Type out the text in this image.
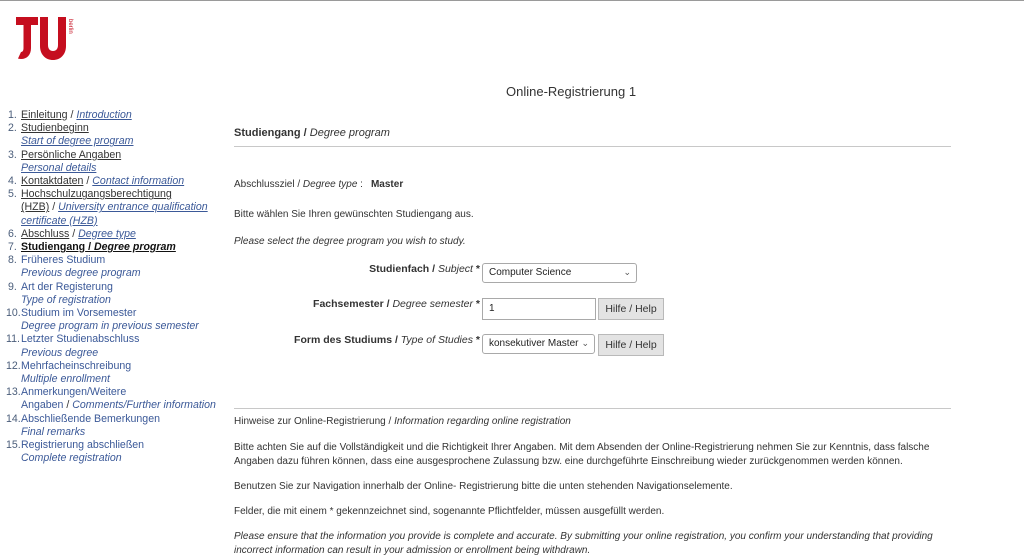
berlin
Online-Registrierung 1
1. Einleitung / Introduction
2. Studienbeginn
Start of degree program
3. Persönliche Angaben
Personal details
4. Kontaktdaten / Contact information
5. Hochschulzugangsberechtigung
(HZB) / University entrance qualification
certificate (HZB)
6. Abschluss / Degree type
7. Studiengang / Degree program
8. Früheres Studium
Previous degree program
9. Art der Registerung
Type of registration
10. Studium im Vorsemester
Degree program in previous semester
11. Letzter Studienabschluss
Previous degree
12. Mehrfacheinschreibung
Multiple enrollment
13. Anmerkungen/Weitere
Angaben / Comments/Further information
14. Abschließende Bemerkungen
Final remarks
15. Registrierung abschließen
Complete registration
Studiengang / Degree program
Abschlussziel / Degree type : Master
Bitte wählen Sie Ihren gewünschten Studiengang aus.
Please select the degree program you wish to study.
Studienfach / Subject * Computer Science	⌄
Fachsemester / Degree semester * 1	Hilfe / Help
Form des Studiums / Type of Studies * konsekutiver Master ⌄	Hilfe / Help
Hinweise zur Online-Registrierung / Information regarding online registration
Bitte achten Sie auf die Vollständigkeit und die Richtigkeit Ihrer Angaben. Mit dem Absenden der Online-Registrierung nehmen Sie zur Kenntnis, dass falsche Angaben dazu führen können, dass eine ausgesprochene Zulassung bzw. eine durchgeführte Einschreibung wieder zurückgenommen werden können.
Benutzen Sie zur Navigation innerhalb der Online- Registrierung bitte die unten stehenden Navigationselemente.
Felder, die mit einem * gekennzeichnet sind, sogenannte Pflichtfelder, müssen ausgefüllt werden.
Please ensure that the information you provide is complete and accurate. By submitting your online registration, you confirm your understanding that providing incorrect information can result in your admission or enrollment being withdrawn.
